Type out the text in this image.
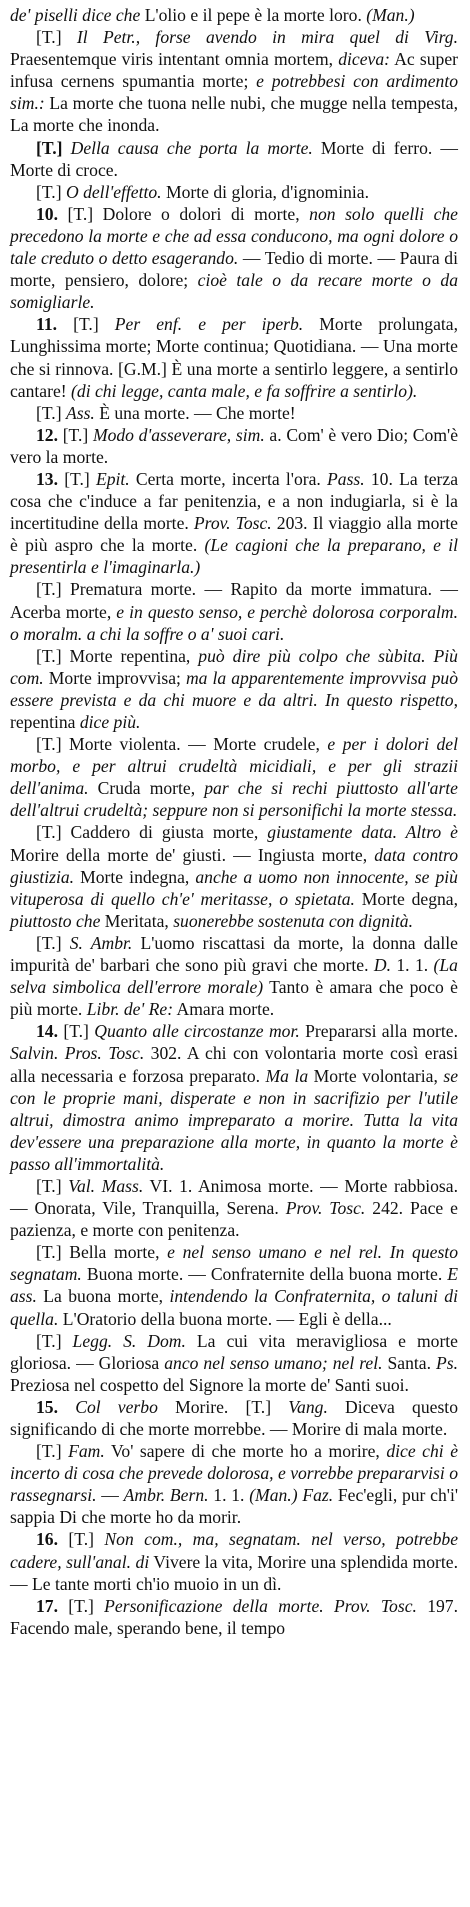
de' piselli dice che L'olio e il pepe è la morte loro. (Man.)

[T.] Il Petr., forse avendo in mira quel di Virg. Praesentemque viris intentant omnia mortem, diceva: Ac super infusa cernens spumantia morte; e potrebbesi con ardimento sim.: La morte che tuona nelle nubi, che mugge nella tempesta, La morte che inonda.

[T.] Della causa che porta la morte. Morte di ferro. — Morte di croce.

[T.] O dell'effetto. Morte di gloria, d'ignominia.

10. [T.] Dolore o dolori di morte, non solo quelli che precedono la morte e che ad essa conducono, ma ogni dolore o tale creduto o detto esagerando. — Tedio di morte. — Paura di morte, pensiero, dolore; cioè tale o da recare morte o da somigliarle.

11. [T.] Per enf. e per iperb. Morte prolungata, Lunghissima morte; Morte continua; Quotidiana. — Una morte che si rinnova. [G.M.] È una morte a sentirlo leggere, a sentirlo cantare! (di chi legge, canta male, e fa soffrire a sentirlo).

[T.] Ass. È una morte. — Che morte!

12. [T.] Modo d'asseverare, sim. a. Com' è vero Dio; Com'è vero la morte.

13. [T.] Epit. Certa morte, incerta l'ora. Pass. 10. La terza cosa che c'induce a far penitenzia, e a non indugiarla, si è la incertitudine della morte. Prov. Tosc. 203. Il viaggio alla morte è più aspro che la morte. (Le cagioni che la preparano, e il presentirla e l'imaginarla.)

[T.] Prematura morte. — Rapito da morte immatura. — Acerba morte, e in questo senso, e perchè dolorosa corporalm. o moralm. a chi la soffre o a' suoi cari.

[T.] Morte repentina, può dire più colpo che sùbita. Più com. Morte improvvisa; ma la apparentemente improvvisa può essere prevista e da chi muore e da altri. In questo rispetto, repentina dice più.

[T.] Morte violenta. — Morte crudele, e per i dolori del morbo, e per altrui crudeltà micidiali, e per gli strazii dell'anima. Cruda morte, par che si rechi piuttosto all'arte dell'altrui crudeltà; seppure non si personifichi la morte stessa.

[T.] Caddero di giusta morte, giustamente data. Altro è Morire della morte de' giusti. — Ingiusta morte, data contro giustizia. Morte indegna, anche a uomo non innocente, se più vituperosa di quello ch'e' meritasse, o spietata. Morte degna, piuttosto che Meritata, suonerebbe sostenuta con dignità.

[T.] S. Ambr. L'uomo riscattasi da morte, la donna dalle impurità de' barbari che sono più gravi che morte. D. 1. 1. (La selva simbolica dell'errore morale) Tanto è amara che poco è più morte. Libr. de' Re: Amara morte.

14. [T.] Quanto alle circostanze mor. Prepararsi alla morte. Salvin. Pros. Tosc. 302. A chi con volontaria morte così erasi alla necessaria e forzosa preparato. Ma la Morte volontaria, se con le proprie mani, disperate e non in sacrifizio per l'utile altrui, dimostra animo impreparato a morire. Tutta la vita dev'essere una preparazione alla morte, in quanto la morte è passo all'immortalità.

[T.] Val. Mass. VI. 1. Animosa morte. — Morte rabbiosa. — Onorata, Vile, Tranquilla, Serena. Prov. Tosc. 242. Pace e pazienza, e morte con penitenza.

[T.] Bella morte, e nel senso umano e nel rel. In questo segnatam. Buona morte. — Confraternite della buona morte. E ass. La buona morte, intendendo la Confraternita, o taluni di quella. L'Oratorio della buona morte. — Egli è della...

[T.] Legg. S. Dom. La cui vita meravigliosa e morte gloriosa. — Gloriosa anco nel senso umano; nel rel. Santa. Ps. Preziosa nel cospetto del Signore la morte de' Santi suoi.

15. Col verbo Morire. [T.] Vang. Diceva questo significando di che morte morrebbe. — Morire di mala morte.

[T.] Fam. Vo' sapere di che morte ho a morire, dice chi è incerto di cosa che prevede dolorosa, e vorrebbe prepararvisi o rassegnarsi. — Ambr. Bern. 1. 1. (Man.) Faz. Fec'egli, pur ch'i' sappia Di che morte ho da morir.

16. [T.] Non com., ma, segnatam. nel verso, potrebbe cadere, sull'anal. di Vivere la vita, Morire una splendida morte. — Le tante morti ch'io muoio in un dì.

17. [T.] Personificazione della morte. Prov. Tosc. 197. Facendo male, sperando bene, il tempo
